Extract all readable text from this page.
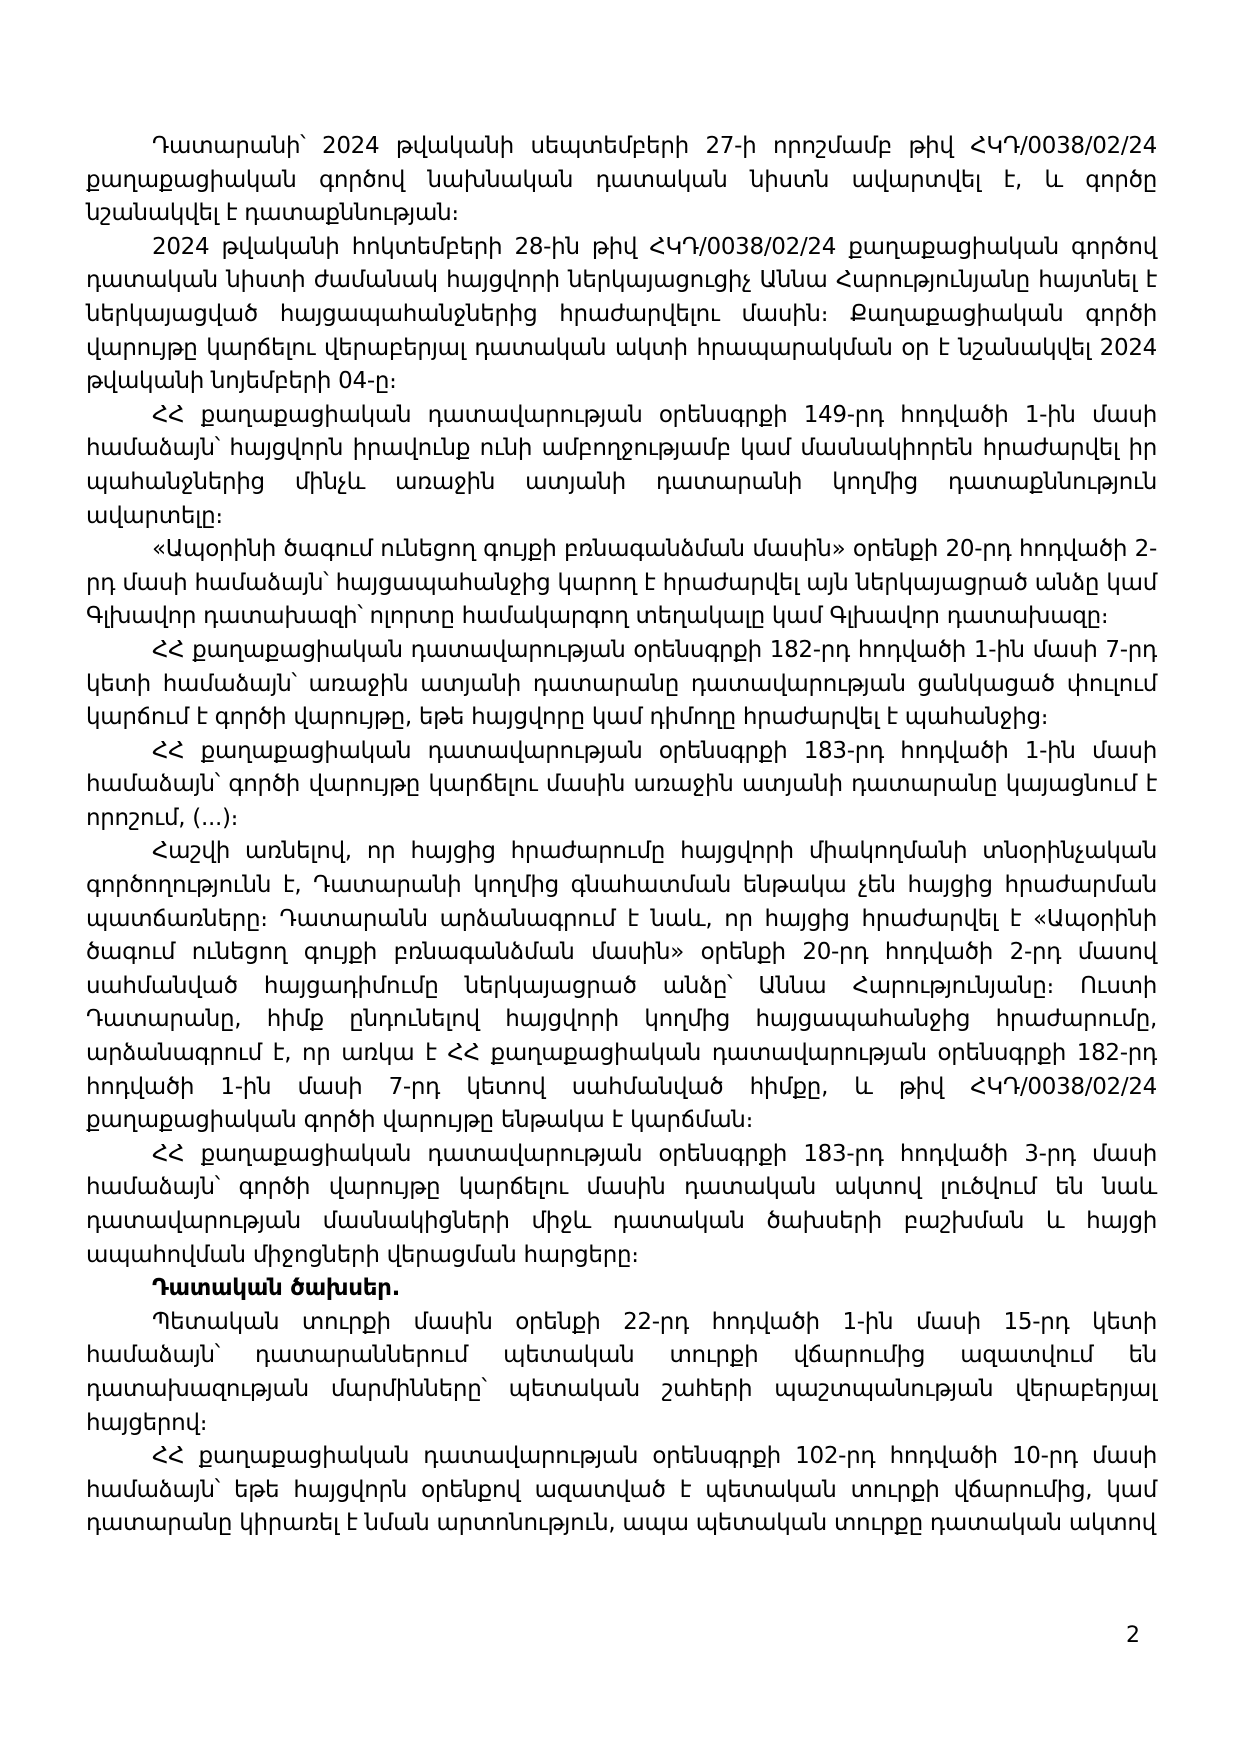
Դատարանի՝ 2024 թվականի սեպտեմբերի 27-ի որոշմամբ թիվ ՀԿԴ/0038/02/24 քաղաքացիական գործով նախնական դատական նիստն ավարտվել է, և գործը նշանակվել է դատաքննության։

2024 թվականի հոկտեմբերի 28-ին թիվ ՀԿԴ/0038/02/24 քաղաքացիական գործով դատական նիստի ժամանակ հայցվորի ներկայացուցիչ Աննա Հարությունյանը հայտնել է ներկայացված հայցապահանջներից հրաժարվելու մասին։ Քաղաքացիական գործի վարույթը կարճելու վերաբերյալ դատական ակտի հրապարակման օր է նշանակվել 2024 թվականի նոյեմբերի 04-ը։

ՀՀ քաղաքացիական դատավարության օրենսգրքի 149-րդ հոդվածի 1-ին մասի համաձայն՝ հայցվորն իրավունք ունի ամբողջությամբ կամ մասնակիորեն հրաժարվել իր պահանջներից մինչև առաջին ատյանի դատարանի կողմից դատաքննություն ավարտելը։

«Ապօրինի ծագում ունեցող գույքի բռնագանձման մասին» օրենքի 20-րդ հոդվածի 2-րդ մասի համաձայն՝ հայցապահանջից կարող է հրաժարվել այն ներկայացրած անձը կամ Գլխավոր դատախազի՝ ոլորտը համակարգող տեղակալը կամ Գլխավոր դատախազը։

ՀՀ քաղաքացիական դատավարության օրենսգրքի 182-րդ հոդվածի 1-ին մասի 7-րդ կետի համաձայն՝ առաջին ատյանի դատարանը դատավարության ցանկացած փուլում կարճում է գործի վարույթը, եթե հայցվորը կամ դիմողը հրաժարվել է պահանջից։

ՀՀ քաղաքացիական դատավարության օրենսգրքի 183-րդ հոդվածի 1-ին մասի համաձայն՝ գործի վարույթը կարճելու մասին առաջին ատյանի դատարանը կայացնում է որոշում, (...)։

Հաշվի առնելով, որ հայցից հրաժարումը հայցվորի միակողմանի տնօրինչական գործողությունն է, Դատարանի կողմից գնահատման ենթակա չեն հայցից հրաժարման պատճառները։ Դատարանն արձանագրում է նաև, որ հայցից հրաժարվել է «Ապօրինի ծագում ունեցող գույքի բռնագանձման մասին» օրենքի 20-րդ հոդվածի 2-րդ մասով սահմանված հայցադիմումը ներկայացրած անձը՝ Աննա Հարությունյանը։ Ուստի Դատարանը, հիմք ընդունելով հայցվորի կողմից հայցապահանջից հրաժարումը, արձանագրում է, որ առկա է ՀՀ քաղաքացիական դատավարության օրենսգրքի 182-րդ հոդվածի 1-ին մասի 7-րդ կետով սահմանված հիմքը, և թիվ ՀԿԴ/0038/02/24 քաղաքացիական գործի վարույթը ենթակա է կարճման։

ՀՀ քաղաքացիական դատավարության օրենսգրքի 183-րդ հոդվածի 3-րդ մասի համաձայն՝ գործի վարույթը կարճելու մասին դատական ակտով լուծվում են նաև դատավարության մասնակիցների միջև դատական ծախսերի բաշխման և հայցի ապահովման միջոցների վերացման հարցերը։

Դատական ծախսեր.

Պետական տուրքի մասին օրենքի 22-րդ հոդվածի 1-ին մասի 15-րդ կետի համաձայն՝ դատարաններում պետական տուրքի վճարումից ազատվում են դատախազության մարմինները՝ պետական շահերի պաշտպանության վերաբերյալ հայցերով։

ՀՀ քաղաքացիական դատավարության օրենսգրքի 102-րդ հոդվածի 10-րդ մասի համաձայն՝ եթե հայցվորն օրենքով ազատված է պետական տուրքի վճարումից, կամ դատարանը կիրառել է նման արտոնություն, ապա պետական տուրքը դատական ակտով

2
